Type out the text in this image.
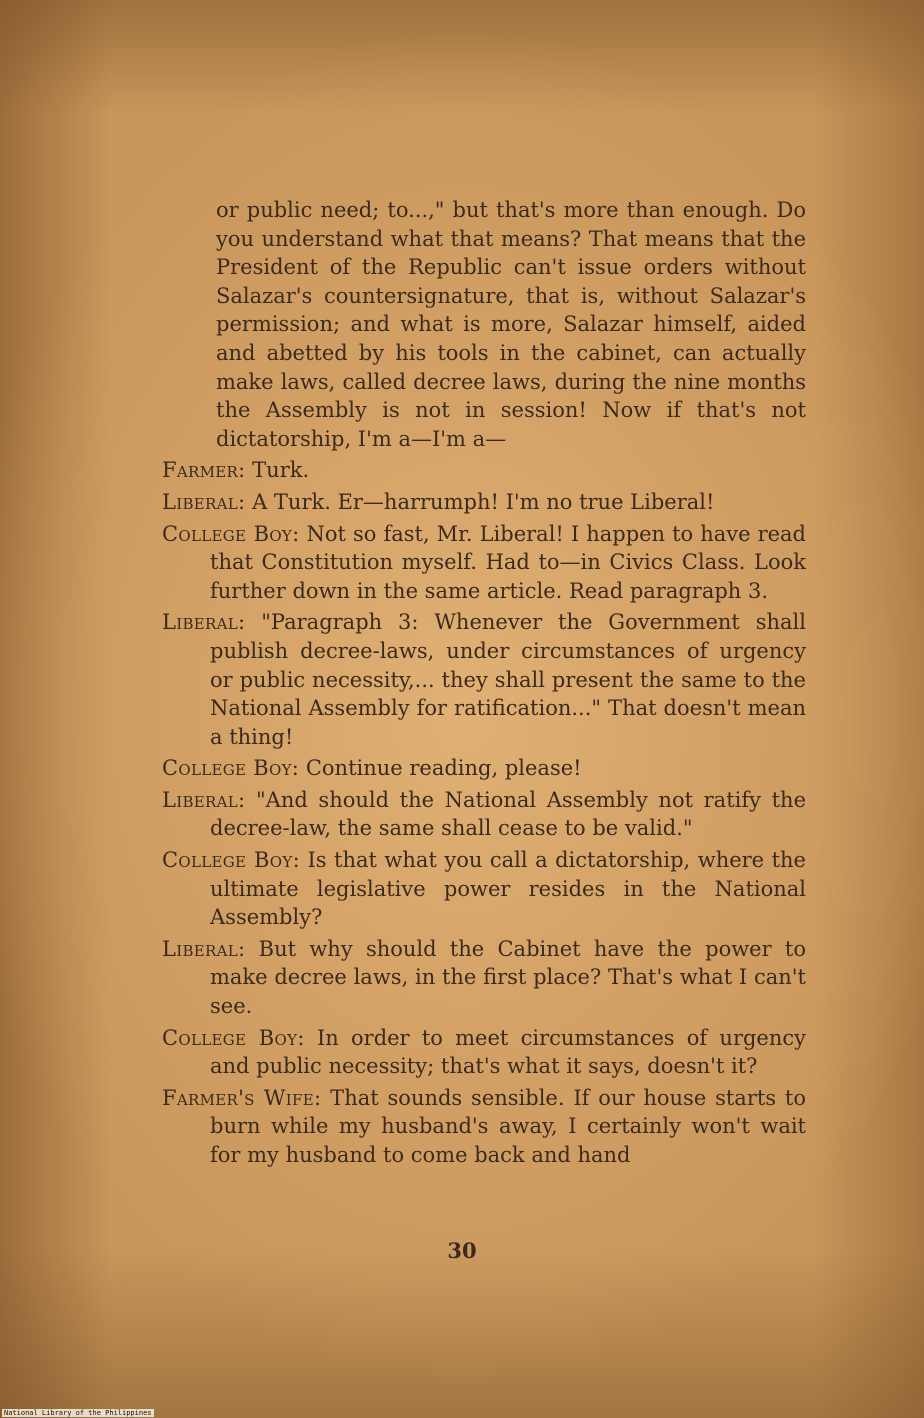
or public need; to...," but that's more than enough. Do you understand what that means? That means that the President of the Republic can't issue orders without Salazar's countersignature, that is, without Salazar's permission; and what is more, Salazar himself, aided and abetted by his tools in the cabinet, can actually make laws, called decree laws, during the nine months the Assembly is not in session! Now if that's not dictatorship, I'm a—I'm a—

Farmer: Turk.

Liberal: A Turk. Er—harrumph! I'm no true Liberal!

College Boy: Not so fast, Mr. Liberal! I happen to have read that Constitution myself. Had to—in Civics Class. Look further down in the same article. Read paragraph 3.

Liberal: "Paragraph 3: Whenever the Government shall publish decree-laws, under circumstances of urgency or public necessity,... they shall present the same to the National Assembly for ratification..." That doesn't mean a thing!

College Boy: Continue reading, please!

Liberal: "And should the National Assembly not ratify the decree-law, the same shall cease to be valid."

College Boy: Is that what you call a dictatorship, where the ultimate legislative power resides in the National Assembly?

Liberal: But why should the Cabinet have the power to make decree laws, in the first place? That's what I can't see.

College Boy: In order to meet circumstances of urgency and public necessity; that's what it says, doesn't it?

Farmer's Wife: That sounds sensible. If our house starts to burn while my husband's away, I certainly won't wait for my husband to come back and hand

30
National Library of the Philippines
